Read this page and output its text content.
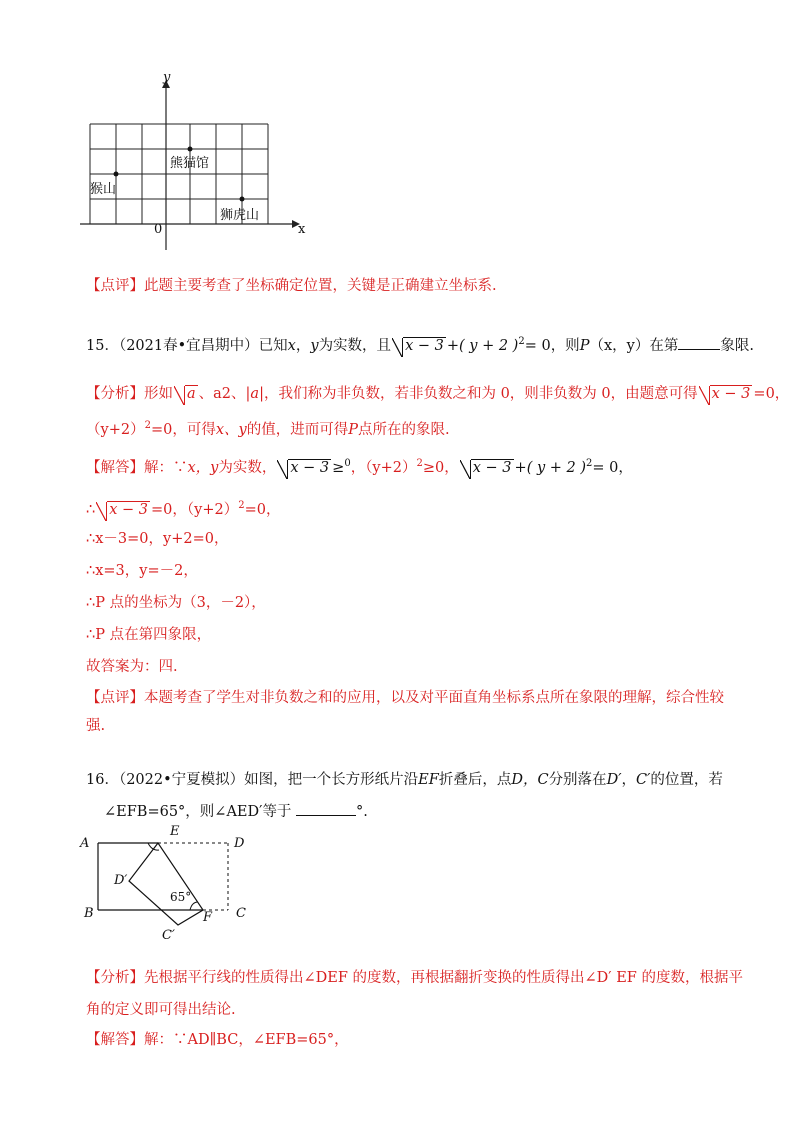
y
x
0
熊猫馆
猴山
狮虎山
【点评】此题主要考查了坐标确定位置，关键是正确建立坐标系.
15．（2021春•宜昌期中）已知x，y为实数，且 x − 3 +( y + 2 )$^2$= 0，则P（x，y）在第	象限.
【分析】形如 a 、a2、|a|，我们称为非负数，若非负数之和为 0，则非负数为 0，由题意可得 x − 3 =0，
$(y+2)^2=0$，可得x、y的值，进而可得P点所在的象限.
【解答】解：∵x，y为实数， x − 3 ≥$^0$，$(y+2)^2\ge 0$， x − 3 +( y + 2 )$^2$= 0，
∴ x − 3 =0，$(y+2)^2=0$，
∴x－3=0，y+2=0，
∴x=3，y=－2，
∴P 点的坐标为（3，－2），
∴P 点在第四象限，
故答案为：四.
【点评】本题考查了学生对非负数之和的应用，以及对平面直角坐标系点所在象限的理解，综合性较
强.
16．（2022•宁夏模拟）如图，把一个长方形纸片沿EF折叠后，点D，C分别落在D′，C′的位置，若
∠EFB=65°，则∠AED′等于	°.
A
B	C
D
E
F
D′
C′
65°
【分析】先根据平行线的性质得出∠DEF 的度数，再根据翻折变换的性质得出∠D′ EF 的度数，根据平
角的定义即可得出结论.
【解答】解：∵AD∥BC，∠EFB=65°，
